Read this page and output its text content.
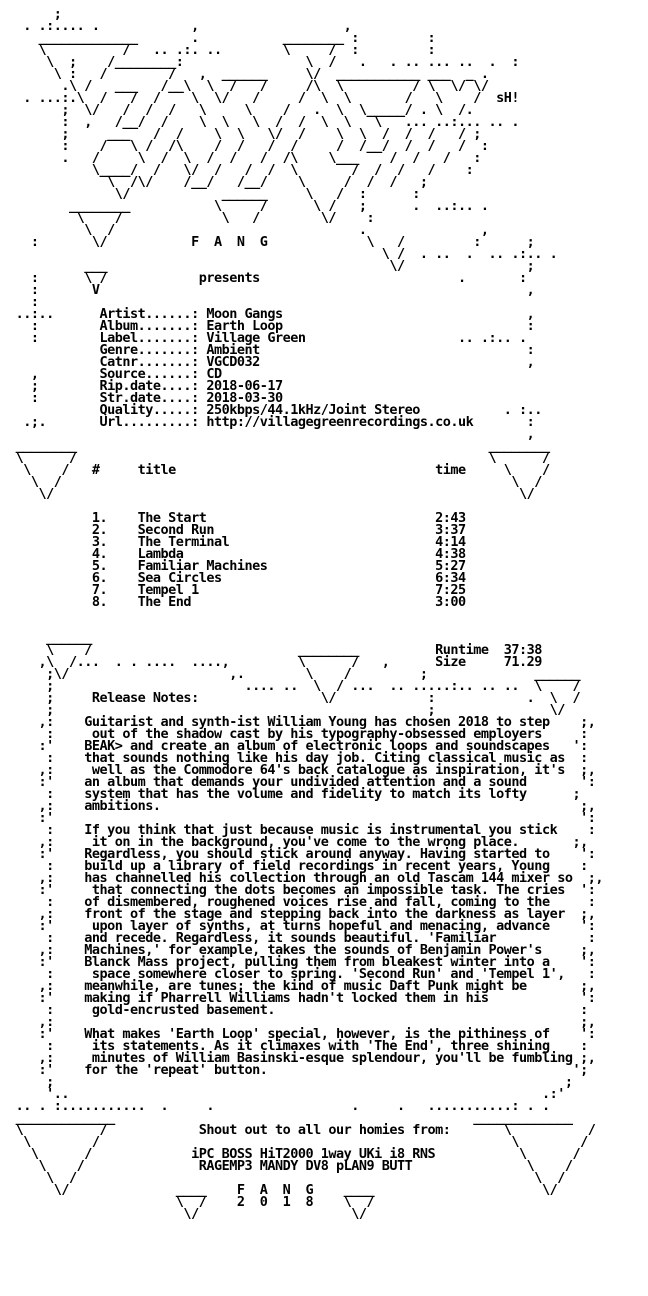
;
. .:.... .            ,                   ,
_____________       .           ________ :         :
\          /   .. .:. ..        \     /  :         :
\  ;    /________:                \  /   .   . .. ... ..  .  :
\ :   /        /   ,  ______     \/  ___________ ___  _ .
.\ /   ___   /__\  \  /   /     /\  \         / \  \/ \/
. ...:.\  /   /  /    \  \/   /     /  \  \       /   \    /  sH!
;  \/   /  /  /   \     \    /   .  \  \_____/ . \  /.
:  ,   /__/  /    \  \   \  /  /  \  \   \   ... ..:... .. .
;     ___   /  /    \  \   \/  /    \  \  /  /  /   / ;
:    /   \ /  /\    /  /   /  /     /  /__/  /  /   /  :
.   /     \  /  \  /  /   /  /\    \___    /  /   /   :
\____/  /   \/  /   /  /  \       /  /  /   /    :
\  /\/    /__/   /__/    \     /  /  /   ;
\/            ______     \   /  :      :
________           \     /      \ /   ;      .  ..:.. .
\    /             \   /        \/    :
\  /                                .               ,
:       \/           F  A  N  G             \   /         :      ;
\ /  . ..  .  .. .:.. .
___                                     \/                ;
:      \ /            presents                          .       :
:       V                                                        ,
:
..:..      Artist......: Moon Gangs                                ,
:        Album.......: Earth Loop                                :
:        Label.......: Village Green                    .. .:.. .
Genre.......: Ambient                                   :
Catnr.......: VGCD032                                   ,
,        Source......: CD
;        Rip.date....: 2018-06-17
:        Str.date....: 2018-03-30
Quality.....: 250kbps/44.1kHz/Joint Stereo           . :..
.;.       Url.........: http://villagegreenrecordings.co.uk       :
,
________                                                      ________
\      /                                                      \      /
\    /   #     title                                  time     \    /
\  /                                                           \  /
\/                                                             \/

1.    The Start                              2:43
2.    Second Run                             3:37
3.    The Terminal                           4:14
4.    Lambda                                 4:38
5.    Familiar Machines                      5:27
6.    Sea Circles                            6:34
7.    Tempel 1                               7:25
8.    The End                                3:00

______
\    /                           ________          Runtime  37:38
,\  /...  . . ....  ....,         \      /   ,      Size     71.29
;\/                     ,.        \    /         ;              ______
;                         .... ..  \  / ...  .. .....:.. .. ..  \    /
;     Release Notes:                \/            :            .  \  /
;                                                 ;               \/
,:    Guitarist and synth-ist William Young has chosen 2018 to step    ;,
:     out of the shadow cast by his typography-obsessed employers     :
:'    BEAK> and create an album of electronic loops and soundscapes   ':
:    that sounds nothing like his day job. Citing classical music as  :
,:     well as the Commodore 64's back catalogue as inspiration, it's  ;,
:'    an album that demands your undivided attention and a sound       ':
:    system that has the volume and fidelity to match its lofty      ;
,:    ambitions.                                                       ;,
:'                                                                     ':
:    If you think that just because music is instrumental you stick    :
,:     it on in the background, you've come to the wrong place.       ;,
:'    Regardless, you should stick around anyway. Having started to    ':
:    build up a library of field recordings in recent years, Young    :
,:    has channelled his collection through an old Tascam 144 mixer so  ;,
:'     that connecting the dots becomes an impossible task. The cries  ':
:    of dismembered, roughened voices rise and fall, coming to the     :
,:    front of the stage and stepping back into the darkness as layer  ;,
:'     upon layer of synths, at turns hopeful and menacing, advance    ':
:    and recede. Regardless, it sounds beautiful. 'Familiar            :
,:    Machines,' for example, takes the sounds of Benjamin Power's     ;,
:'    Blanck Mass project, pulling them from bleakest winter into a    ':
:     space somewhere closer to spring. 'Second Run' and 'Tempel 1',   :
,:    meanwhile, are tunes; the kind of music Daft Punk might be       ;,
:'    making if Pharrell Williams hadn't locked them in his            ':
:     gold-encrusted basement.                                        :
,:                                                                     ;,
:'    What makes 'Earth Loop' special, however, is the pithiness of    ':
:     its statements. As it climaxes with 'The End', three shining    :
,:     minutes of William Basinski-esque splendour, you'll be fumbling ;,
:'    for the 'repeat' button.                                        ';
;                                                                   ;
'..                                                              .:'
.. . :...........  .     .                  .     .   ...........: . .
_____________                                               _____________
\          /            Shout out to all our homies from:       \          /
\        /                                                      \        /
\      /             iPC BOSS HiT2000 1way UKi i8 RNS           \      /
\    /               RAGEMP3 MANDY DV8 pLAN9 BUTT               \    /
\  /                                                            \  /
\/              ____    F  A  N  G    ____                      \/
\  /    2  0  1  8    \  /
\/                    \/
